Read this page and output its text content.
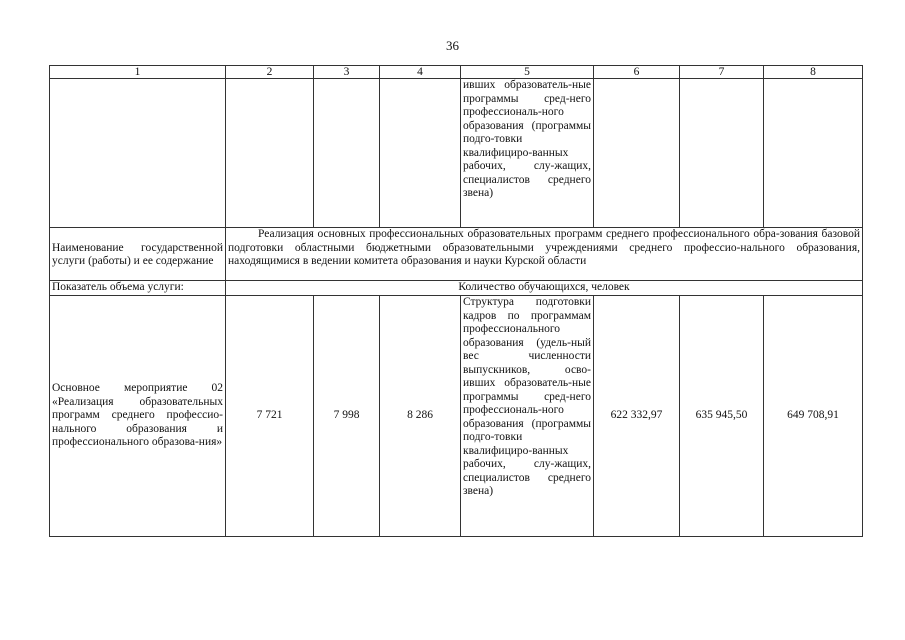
36
1	2	3	4	5	6	7	8
				ивших образователь-ные программы сред-него профессиональ-ного образования (программы подго-товки квалифициро-ванных рабочих, слу-жащих, специалистов среднего звена)			
Наименование государственной услуги (работы) и ее содержание	Реализация основных профессиональных образовательных программ среднего профессионального обра-зования базовой подготовки областными бюджетными образовательными учреждениями среднего профессио-нального образования, находящимися в ведении комитета образования и науки Курской области						
Показатель объема услуги:	Количество обучающихся, человек						
Основное мероприятие 02 «Реализация образовательных программ среднего профессио-нального образования и профессионального образова-ния»	7 721	7 998	8 286	Структура подготовки кадров по программам профессионального образования (удель-ный вес численности выпускников, осво-ивших образователь-ные программы сред-него профессиональ-ного образования (программы подго-товки квалифициро-ванных рабочих, слу-жащих, специалистов среднего звена)	622 332,97	635 945,50	649 708,91
